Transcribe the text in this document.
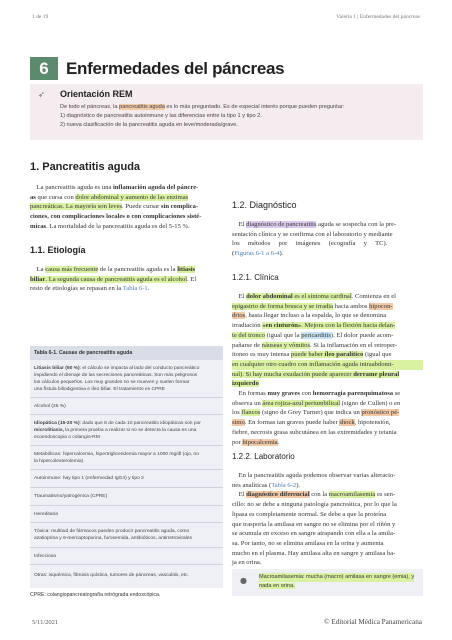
1 de 19	Valeria 1 | Enfermedades del páncreas
6	Enfermedades del páncreas
➶ Orientación REM

De todo el páncreas, la pancreatitis aguda es lo más preguntado. Es de especial interés porque pueden preguntar:

1) diagnóstico de pancreatitis autoinmune y las diferencias entre la tipo 1 y tipo 2.

2) nueva clasificación de la pancreatitis aguda en leve/moderada/grave.

1. Pancreatitis aguda

La pancreatitis aguda es una inflamación aguda del páncre-

as que cursa con dolor abdominal y aumento de las enzimas

pancreáticas. La mayoría son leves. Puede cursar sin complica-

ciones, con complicaciones locales o con complicaciones sisté-

micas. La mortalidad de la pancreatitis aguda es del 5-15 %.

1.1. Etiología

La causa más frecuente de la pancreatitis aguda es la litiasis

biliar. La segunda causa de pancreatitis aguda es el alcohol. El

resto de etiologías se repasan en la Tabla 6-1.

Tabla 6-1. Causas de pancreatitis aguda

Litiasis biliar (50 %): el cálculo se impacta al lado del conducto pancreático

impidiendo el drenaje de las secreciones pancreáticas. Son más peligrosos

los cálculos pequeños. Los muy grandes no se mueven y suelen formar

una fístula biliodigestiva e íleo biliar. El tratamiento es CPRE

Alcohol (25 %)

Idiopática (15-20 %): dado que 8 de cada 10 pancreatitis idiopáticas son por

microlitiasis, la primera prueba a realizar si no se detecta la causa es una

ecoendoscopia o colangio-RM

Metabólicas: hipercalcemia, hipertrigliceridemia mayor a 1000 mg/dl (ojo, no

la hipercolesterolemia)

Autoinmune: hay tipo 1 (enfermedad IgG4) y tipo 2

Traumatismo/yatrogénica (CPRE)

Hereditaria

Tóxica: multitud de fármacos pueden producir pancreatitis aguda, como

azatioprina y 6-mercaptopurina, furosemida, antibióticos, antirretrovirales

Infecciosa

Otras: isquémica, fibrosis quística, tumores de páncreas, vasculitis, etc.

CPRE: colangiopancreatografía retrógrada endoscópica.
1.2. Diagnóstico

El diagnóstico de pancreatitis aguda se sospecha con la pre-

sentación clínica y se confirma con el laboratorio y mediante

los     métodos     por     imágenes     (ecografía     y     TC).

(Figuras 6-1 a 6-4).

1.2.1. Clínica

El dolor abdominal es el síntoma cardinal. Comienza en el

epigastrio de forma brusca y se irradia hacia ambos hipocon-

drios, hasta llegar incluso a la espalda, lo que se denomina

irradiación «en cinturón». Mejora con la flexión hacia delan-

te del tronco (igual que la pericarditis). El dolor puede acom-

pañarse de náuseas y vómitos. Si la inflamación en el retroper-

itoneo es muy intensa puede haber íleo paralítico (igual que

en cualquier otro cuadro con inflamación aguda intraabdomi-

nal). Si hay mucha exudación puede aparecer derrame pleural

izquierdo

En formas muy graves con hemorragia parenquimatosa se

observa un área rojiza-azul periumbilical (signo de Cullen) o en

los flancos (signo de Grey Turner) que indica un pronóstico pé-

simo. En formas tan graves puede haber shock, hipotensión,

fiebre, necrosis grasa subcutánea en las extremidades y tetania

por hipocalcemia.

1.2.2. Laboratorio

En la pancreatitis aguda podemos observar varias alteracio-

nes analíticas (Tabla 6-2).

El diagnóstico diferencial con la macroamilasemia es sen-

cillo: no se debe a ninguna patología pancreática, por lo que la

lipasa es completamente normal. Se debe a que la proteína

que trasporta la amilasa en sangre no se elimina por el riñón y

se acumula en exceso en sangre atrapando con ella a la amila-

sa. Por tanto, no se elimina amilasa en la orina y aumenta

mucho en el plasma. Hay amilasa alta en sangre y amilasa ba-

ja en orina.

● Macroamilasemia: mucha (macro) amilasa en sangre (emia), y

nada en orina.

5/11/2021	© Editorial Médica Panamericana
